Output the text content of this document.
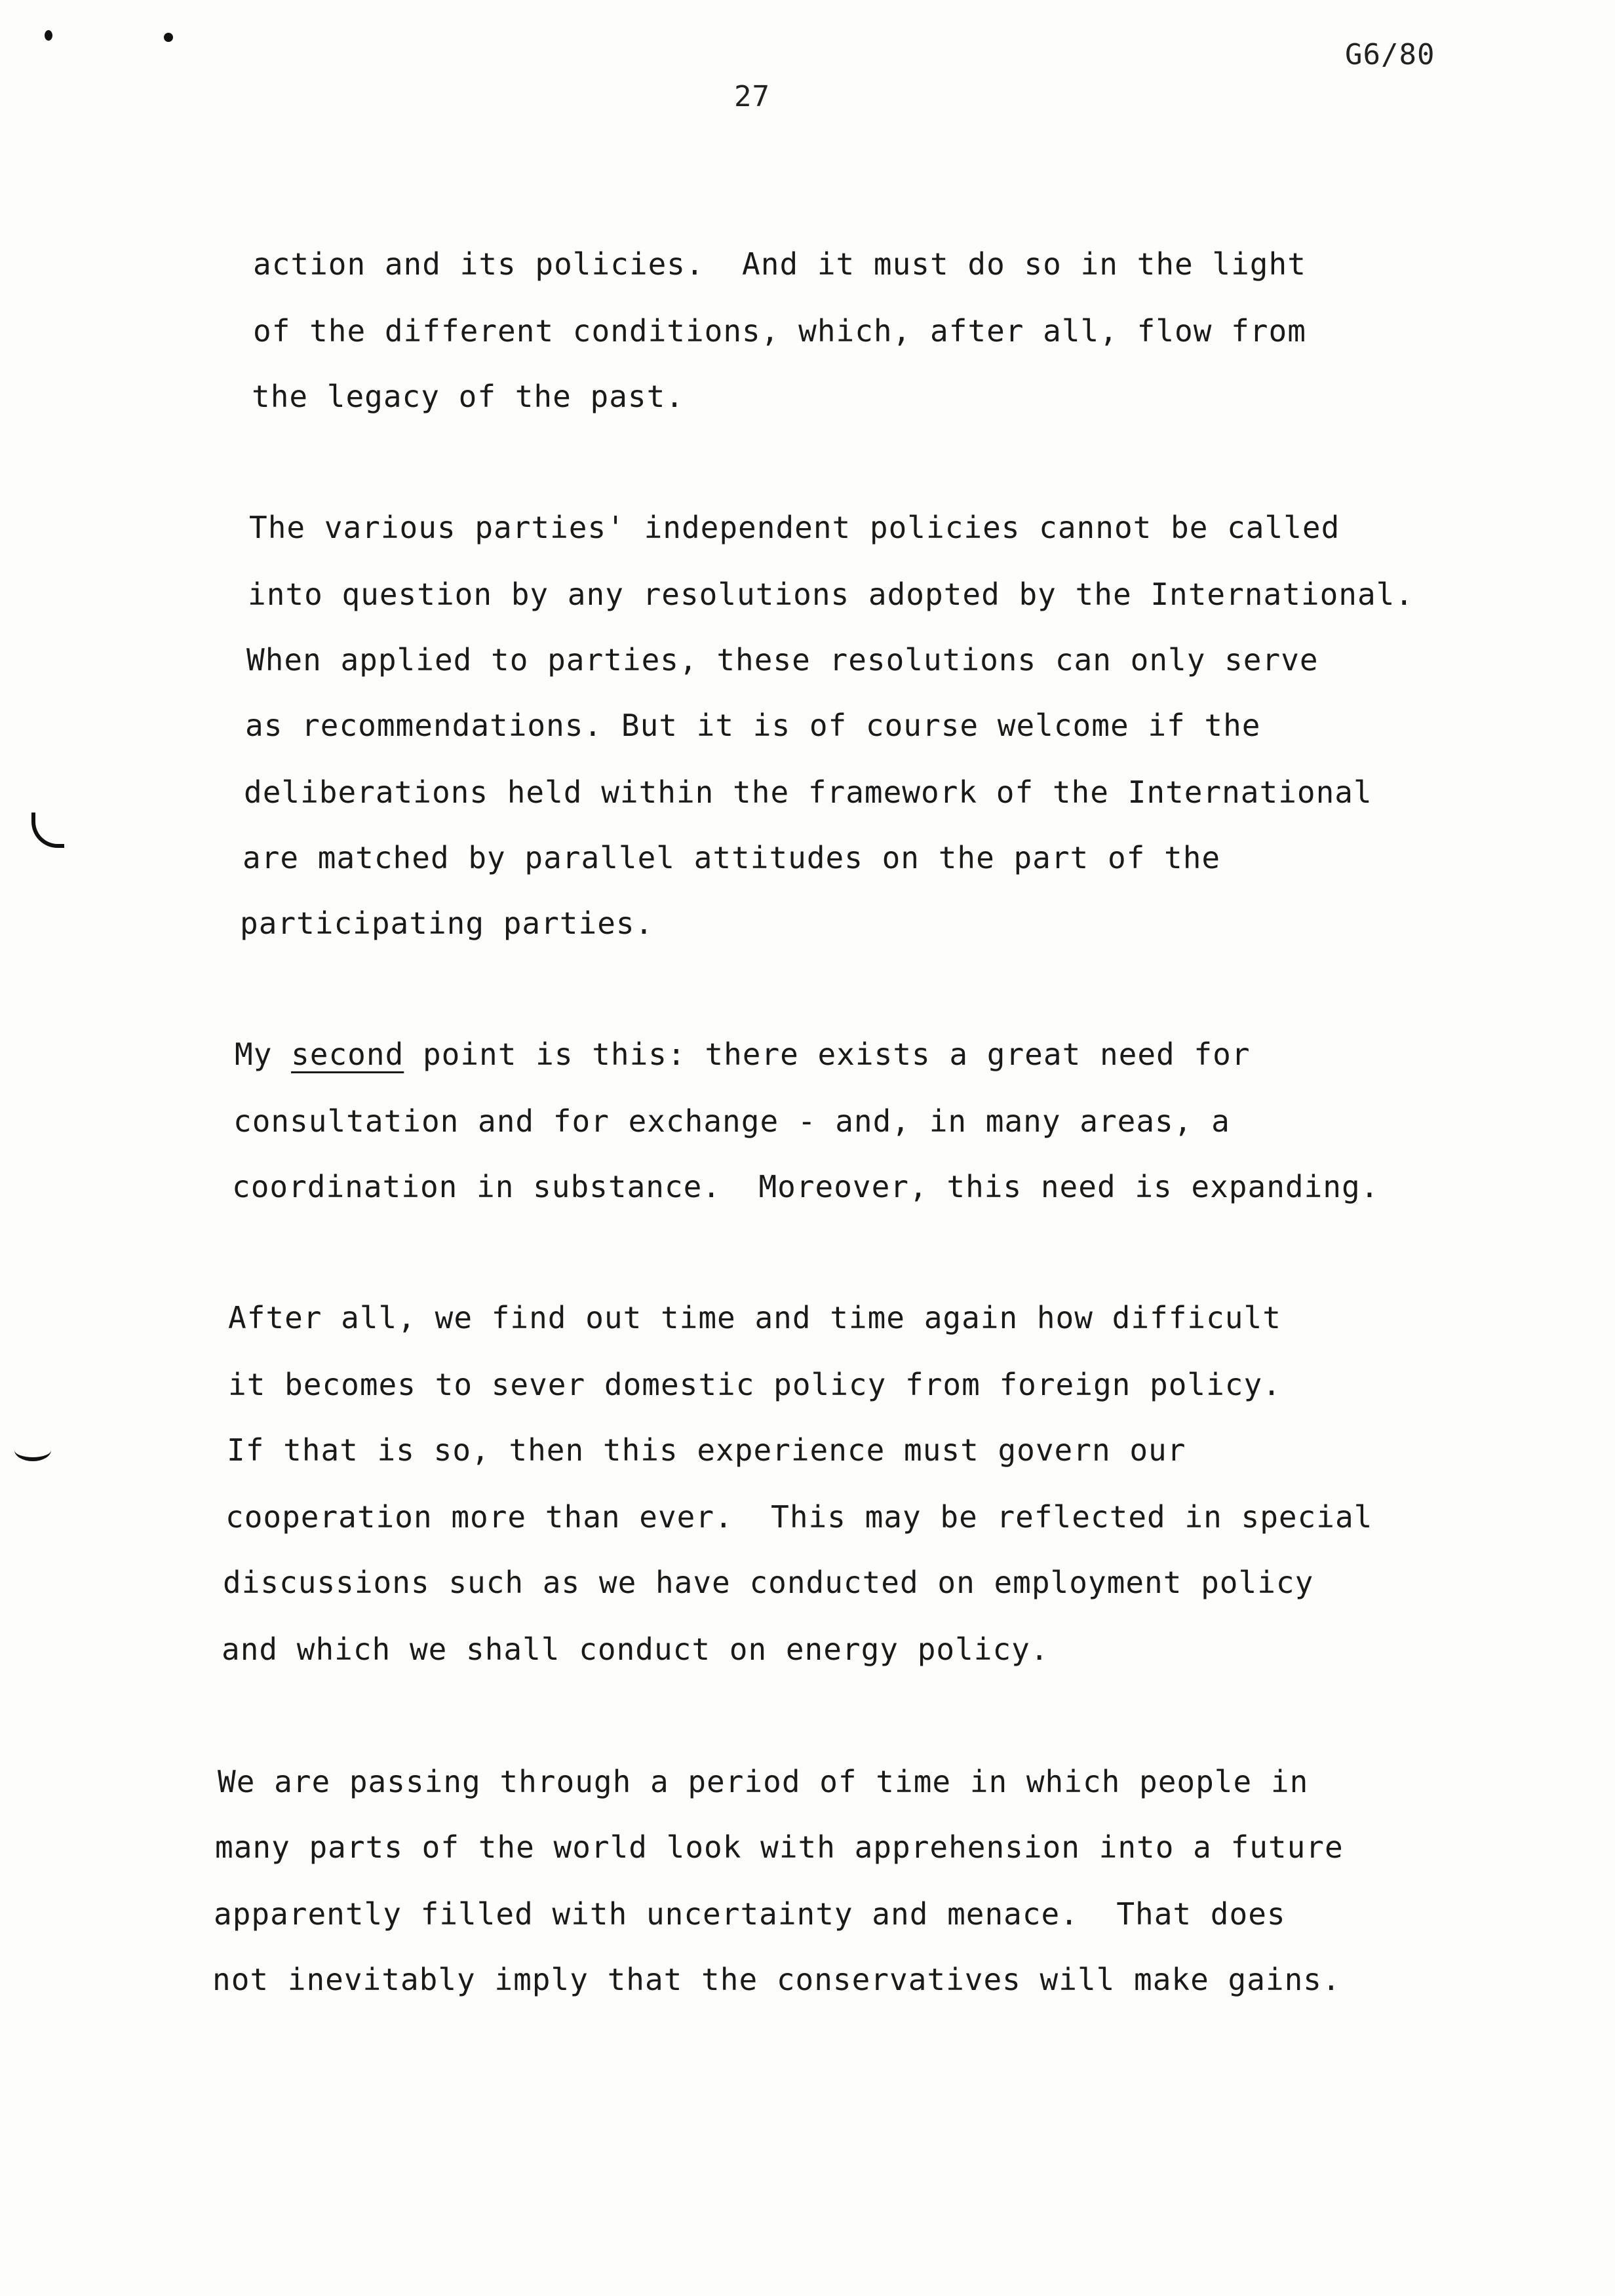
G6/80
27
action and its policies.  And it must do so in the light
of the different conditions, which, after all, flow from
the legacy of the past.
The various parties' independent policies cannot be called
into question by any resolutions adopted by the International.
When applied to parties, these resolutions can only serve
as recommendations. But it is of course welcome if the
deliberations held within the framework of the International
are matched by parallel attitudes on the part of the
participating parties.
My second point is this: there exists a great need for
consultation and for exchange - and, in many areas, a
coordination in substance.  Moreover, this need is expanding.
After all, we find out time and time again how difficult
it becomes to sever domestic policy from foreign policy.
If that is so, then this experience must govern our
cooperation more than ever.  This may be reflected in special
discussions such as we have conducted on employment policy
and which we shall conduct on energy policy.
We are passing through a period of time in which people in
many parts of the world look with apprehension into a future
apparently filled with uncertainty and menace.  That does
not inevitably imply that the conservatives will make gains.
